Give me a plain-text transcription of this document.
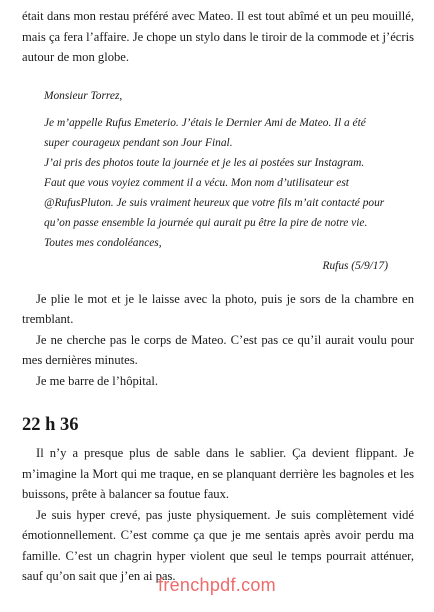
était dans mon restau préféré avec Mateo. Il est tout abîmé et un peu mouillé, mais ça fera l’affaire. Je chope un stylo dans le tiroir de la commode et j’écris autour de mon globe.

Monsieur Torrez,

Je m’appelle Rufus Emeterio. J’étais le Dernier Ami de Mateo. Il a été super courageux pendant son Jour Final.

J’ai pris des photos toute la journée et je les ai postées sur Instagram. Faut que vous voyiez comment il a vécu. Mon nom d’utilisateur est @RufusPluton. Je suis vraiment heureux que votre fils m’ait contacté pour qu’on passe ensemble la journée qui aurait pu être la pire de notre vie.

Toutes mes condoléances,

Rufus (5/9/17)

Je plie le mot et je le laisse avec la photo, puis je sors de la chambre en tremblant.

Je ne cherche pas le corps de Mateo. C’est pas ce qu’il aurait voulu pour mes dernières minutes.

Je me barre de l’hôpital.

22 h 36

Il n’y a presque plus de sable dans le sablier. Ça devient flippant. Je m’imagine la Mort qui me traque, en se planquant derrière les bagnoles et les buissons, prête à balancer sa foutue faux.

Je suis hyper crevé, pas juste physiquement. Je suis complètement vidé émotionnellement. C’est comme ça que je me sentais après avoir perdu ma famille. C’est un chagrin hyper violent que seul le temps pourrait atténuer, sauf qu’on sait que j’en ai pas.

frenchpdf.com
